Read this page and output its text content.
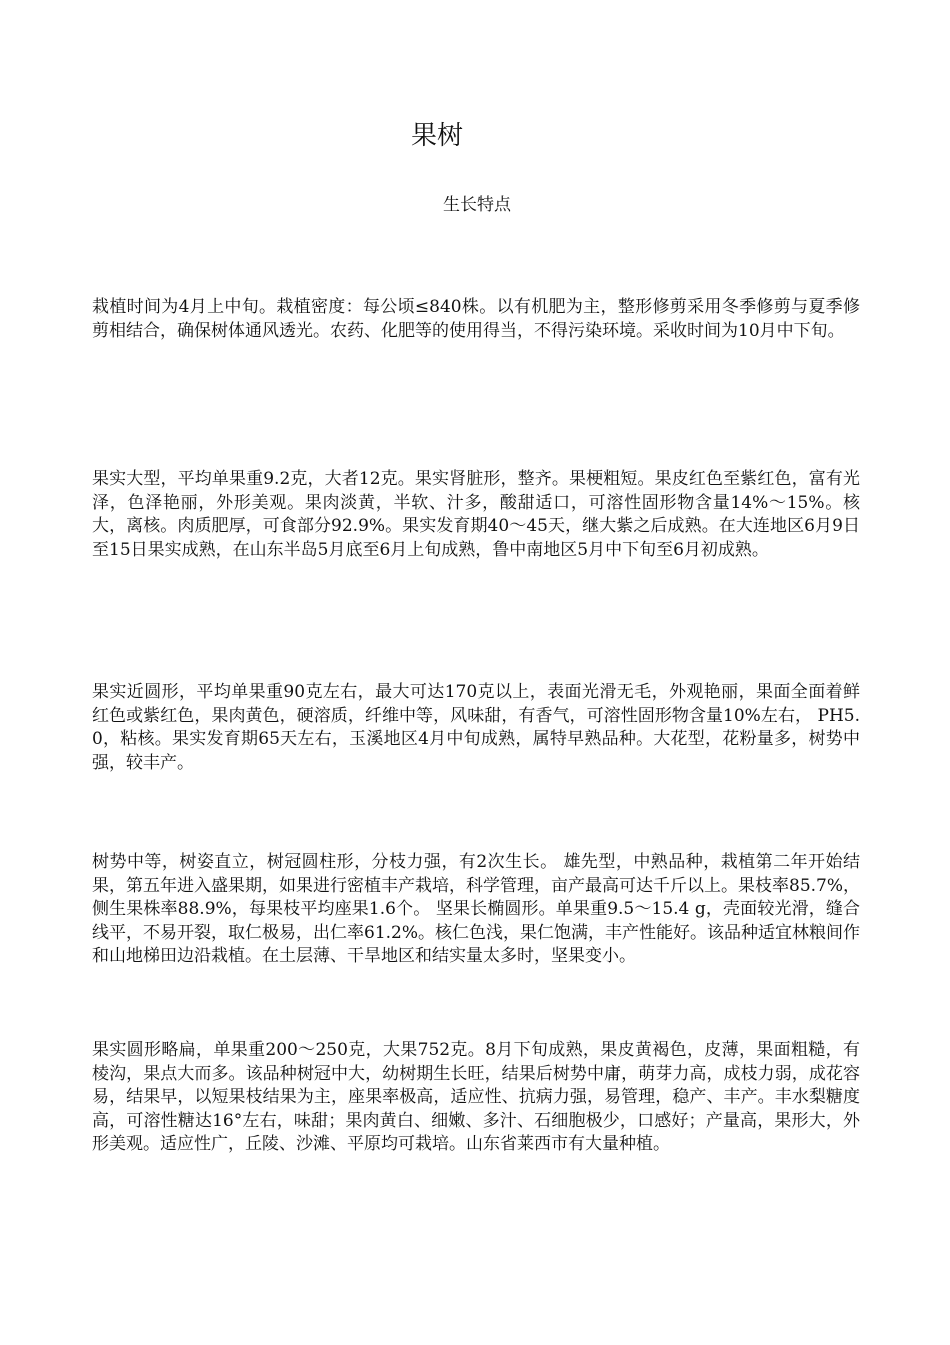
果树
生长特点

栽植时间为4月上中旬。栽植密度：每公顷≤840株。以有机肥为主，整形修剪采用冬季修剪与夏季修剪相结合，确保树体通风透光。农药、化肥等的使用得当，不得污染环境。采收时间为10月中下旬。

果实大型，平均单果重9.2克，大者12克。果实肾脏形，整齐。果梗粗短。果皮红色至紫红色，富有光泽，色泽艳丽，外形美观。果肉淡黄，半软、汁多，酸甜适口，可溶性固形物含量14%～15%。核大，离核。肉质肥厚，可食部分92.9%。果实发育期40～45天，继大紫之后成熟。在大连地区6月9日至15日果实成熟，在山东半岛5月底至6月上旬成熟，鲁中南地区5月中下旬至6月初成熟。

果实近圆形，平均单果重90克左右，最大可达170克以上，表面光滑无毛，外观艳丽，果面全面着鲜红色或紫红色，果肉黄色，硬溶质，纤维中等，风味甜，有香气，可溶性固形物含量10%左右， PH5.0，粘核。果实发育期65天左右，玉溪地区4月中旬成熟，属特早熟品种。大花型，花粉量多，树势中强，较丰产。

树势中等，树姿直立，树冠圆柱形，分枝力强，有2次生长。 雄先型，中熟品种，栽植第二年开始结果，第五年进入盛果期，如果进行密植丰产栽培，科学管理，亩产最高可达千斤以上。果枝率85.7%，侧生果株率88.9%，每果枝平均座果1.6个。 坚果长椭圆形。单果重9.5～15.4 g，壳面较光滑，缝合线平，不易开裂，取仁极易，出仁率61.2%。核仁色浅，果仁饱满，丰产性能好。该品种适宜林粮间作和山地梯田边沿栽植。在土层薄、干旱地区和结实量太多时，坚果变小。

果实圆形略扁，单果重200～250克，大果752克。8月下旬成熟，果皮黄褐色，皮薄，果面粗糙，有棱沟，果点大而多。该品种树冠中大，幼树期生长旺，结果后树势中庸，萌芽力高，成枝力弱，成花容易，结果早，以短果枝结果为主，座果率极高，适应性、抗病力强，易管理，稳产、丰产。丰水梨糖度高，可溶性糖达16°左右，味甜；果肉黄白、细嫩、多汁、石细胞极少，口感好；产量高，果形大，外形美观。适应性广，丘陵、沙滩、平原均可栽培。山东省莱西市有大量种植。
